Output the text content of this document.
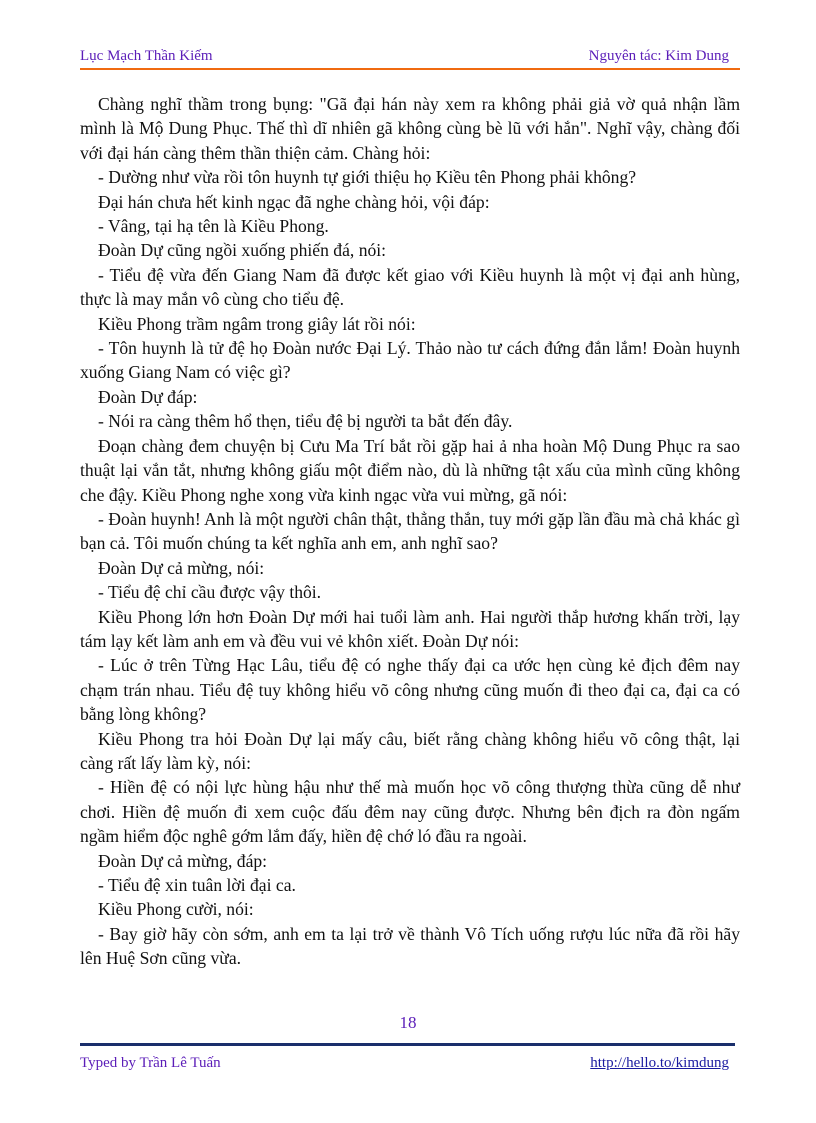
Lục Mạch Thần Kiếm	Nguyên tác: Kim Dung

Chàng nghĩ thầm trong bụng: "Gã đại hán này xem ra không phải giả vờ quả nhận lầm mình là Mộ Dung Phục. Thế thì dĩ nhiên gã không cùng bè lũ với hắn". Nghĩ vậy, chàng đối với đại hán càng thêm thần thiện cảm. Chàng hỏi:

- Dường như vừa rồi tôn huynh tự giới thiệu họ Kiều tên Phong phải không?

Đại hán chưa hết kinh ngạc đã nghe chàng hỏi, vội đáp:

- Vâng, tại hạ tên là Kiều Phong.

Đoàn Dự cũng ngồi xuống phiến đá, nói:

- Tiểu đệ vừa đến Giang Nam đã được kết giao với Kiều huynh là một vị đại anh hùng, thực là may mắn vô cùng cho tiểu đệ.

Kiều Phong trầm ngâm trong giây lát rồi nói:

- Tôn huynh là tử đệ họ Đoàn nước Đại Lý. Thảo nào tư cách đứng đắn lắm! Đoàn huynh xuống Giang Nam có việc gì?

Đoàn Dự đáp:

- Nói ra càng thêm hổ thẹn, tiểu đệ bị người ta bắt đến đây.

Đoạn chàng đem chuyện bị Cưu Ma Trí bắt rồi gặp hai ả nha hoàn Mộ Dung Phục ra sao thuật lại vắn tắt, nhưng không giấu một điểm nào, dù là những tật xấu của mình cũng không che đậy. Kiều Phong nghe xong vừa kinh ngạc vừa vui mừng, gã nói:

- Đoàn huynh! Anh là một người chân thật, thẳng thắn, tuy mới gặp lần đầu mà chả khác gì bạn cả. Tôi muốn chúng ta kết nghĩa anh em, anh nghĩ sao?

Đoàn Dự cả mừng, nói:

- Tiểu đệ chỉ cầu được vậy thôi.

Kiều Phong lớn hơn Đoàn Dự mới hai tuổi làm anh. Hai người thắp hương khấn trời, lạy tám lạy kết làm anh em và đều vui vẻ khôn xiết. Đoàn Dự nói:

- Lúc ở trên Từng Hạc Lâu, tiểu đệ có nghe thấy đại ca ước hẹn cùng kẻ địch đêm nay chạm trán nhau. Tiểu đệ tuy không hiểu võ công nhưng cũng muốn đi theo đại ca, đại ca có bằng lòng không?

Kiều Phong tra hỏi Đoàn Dự lại mấy câu, biết rằng chàng không hiểu võ công thật, lại càng rất lấy làm kỳ, nói:

- Hiền đệ có nội lực hùng hậu như thế mà muốn học võ công thượng thừa cũng dễ như chơi. Hiền đệ muốn đi xem cuộc đấu đêm nay cũng được. Nhưng bên địch ra đòn ngấm ngầm hiểm độc nghê gớm lắm đấy, hiền đệ chớ ló đầu ra ngoài.

Đoàn Dự cả mừng, đáp:

- Tiểu đệ xin tuân lời đại ca.

Kiều Phong cười, nói:

- Bay giờ hãy còn sớm, anh em ta lại trở về thành Vô Tích uống rượu lúc nữa đã rồi hãy lên Huệ Sơn cũng vừa.

18
Typed by Trần Lê Tuấn	http://hello.to/kimdung
